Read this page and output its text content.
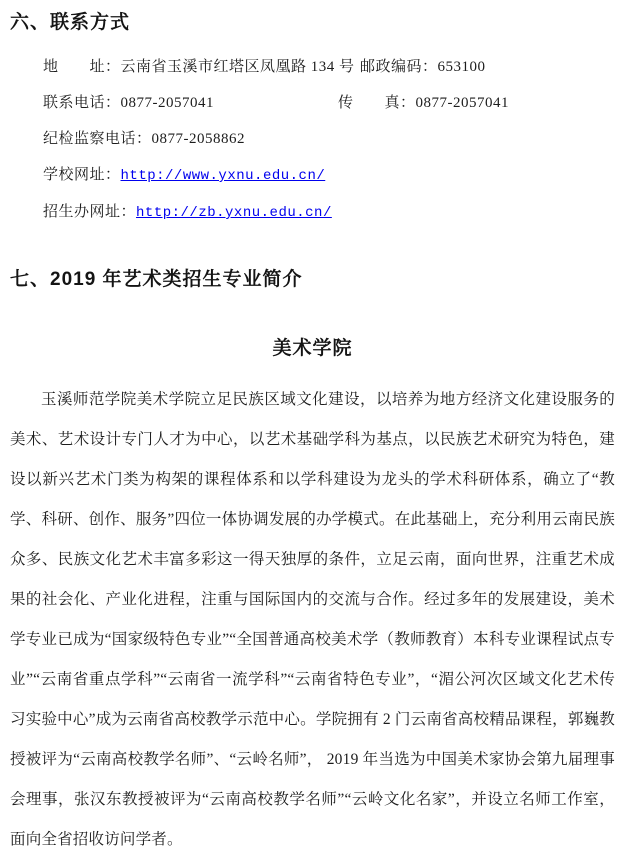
六、联系方式
地　　址：云南省玉溪市红塔区凤凰路 134 号 邮政编码：653100
联系电话：0877-2057041	传　　真：0877-2057041
纪检监察电话：0877-2058862
学校网址：http://www.yxnu.edu.cn/
招生办网址：http://zb.yxnu.edu.cn/
七、2019 年艺术类招生专业简介
美术学院

玉溪师范学院美术学院立足民族区域文化建设，以培养为地方经济文化建设服务的美术、艺术设计专门人才为中心，以艺术基础学科为基点，以民族艺术研究为特色，建设以新兴艺术门类为构架的课程体系和以学科建设为龙头的学术科研体系，确立了“教学、科研、创作、服务”四位一体协调发展的办学模式。在此基础上，充分利用云南民族众多、民族文化艺术丰富多彩这一得天独厚的条件，立足云南，面向世界，注重艺术成果的社会化、产业化进程，注重与国际国内的交流与合作。经过多年的发展建设，美术学专业已成为“国家级特色专业”“全国普通高校美术学（教师教育）本科专业课程试点专业”“云南省重点学科”“云南省一流学科”“云南省特色专业”，“湄公河次区域文化艺术传习实验中心”成为云南省高校教学示范中心。学院拥有 2 门云南省高校精品课程，郭巍教授被评为“云南高校教学名师”、“云岭名师”， 2019 年当选为中国美术家协会第九届理事会理事，张汉东教授被评为“云南高校教学名师”“云岭文化名家”，并设立名师工作室，面向全省招收访问学者。
